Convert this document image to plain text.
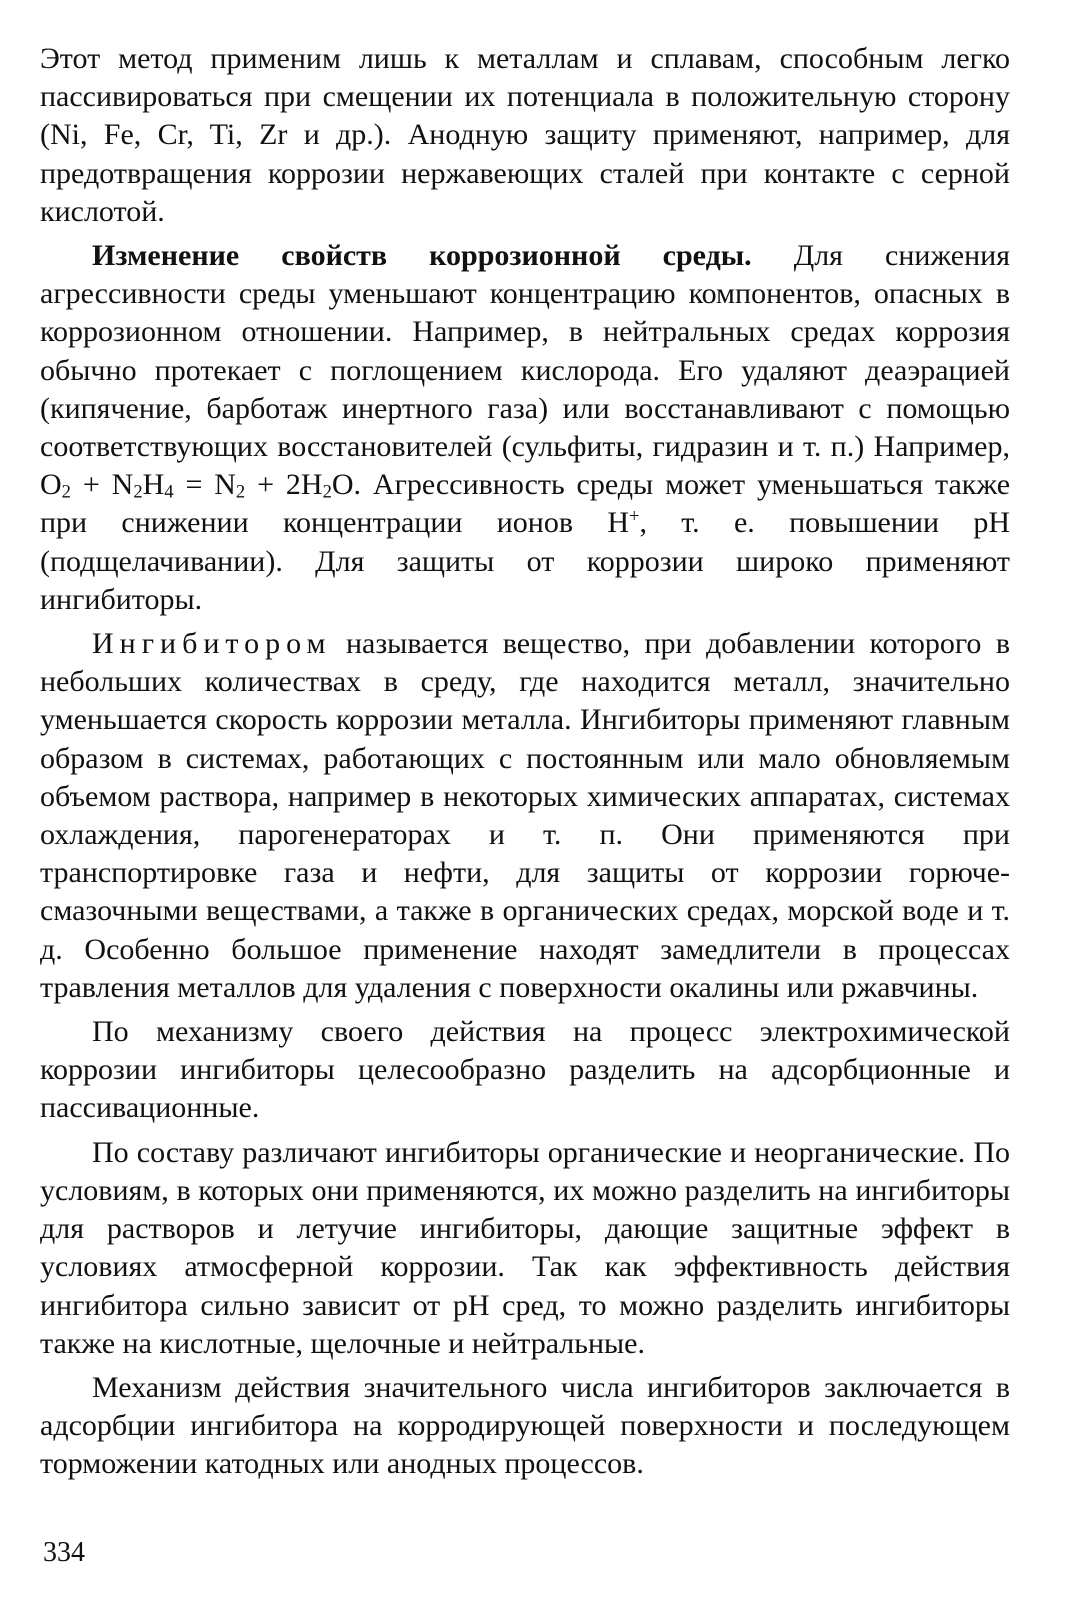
Этот метод применим лишь к металлам и сплавам, способным легко пассивироваться при смещении их потенциала в положительную сторону (Ni, Fe, Cr, Ti, Zr и др.). Анодную защиту применяют, например, для предотвращения коррозии нержавеющих сталей при контакте с серной кислотой.

Изменение свойств коррозионной среды. Для снижения агрессивности среды уменьшают концентрацию компонентов, опасных в коррозионном отношении. Например, в нейтральных средах коррозия обычно протекает с поглощением кислорода. Его удаляют деаэрацией (кипячение, барботаж инертного газа) или восстанавливают с помощью соответствующих восстановителей (сульфиты, гидразин и т. п.) Например, $O_2 + N_2H_4 = N_2 + 2H_2O$. Агрессивность среды может уменьшаться также при снижении концентрации ионов H+, т. е. повышении pH (подщелачивании). Для защиты от коррозии широко применяют ингибиторы.

Ингибитором называется вещество, при добавлении которого в небольших количествах в среду, где находится металл, значительно уменьшается скорость коррозии металла. Ингибиторы применяют главным образом в системах, работающих с постоянным или мало обновляемым объемом раствора, например в некоторых химических аппаратах, системах охлаждения, парогенераторах и т. п. Они применяются при транспортировке газа и нефти, для защиты от коррозии горюче-смазочными веществами, а также в органических средах, морской воде и т. д. Особенно большое применение находят замедлители в процессах травления металлов для удаления с поверхности окалины или ржавчины.

По механизму своего действия на процесс электрохимической коррозии ингибиторы целесообразно разделить на адсорбционные и пассивационные.

По составу различают ингибиторы органические и неорганические. По условиям, в которых они применяются, их можно разделить на ингибиторы для растворов и летучие ингибиторы, дающие защитные эффект в условиях атмосферной коррозии. Так как эффективность действия ингибитора сильно зависит от pH сред, то можно разделить ингибиторы также на кислотные, щелочные и нейтральные.

Механизм действия значительного числа ингибиторов заключается в адсорбции ингибитора на корродирующей поверхности и последующем торможении катодных или анодных процессов.

334
